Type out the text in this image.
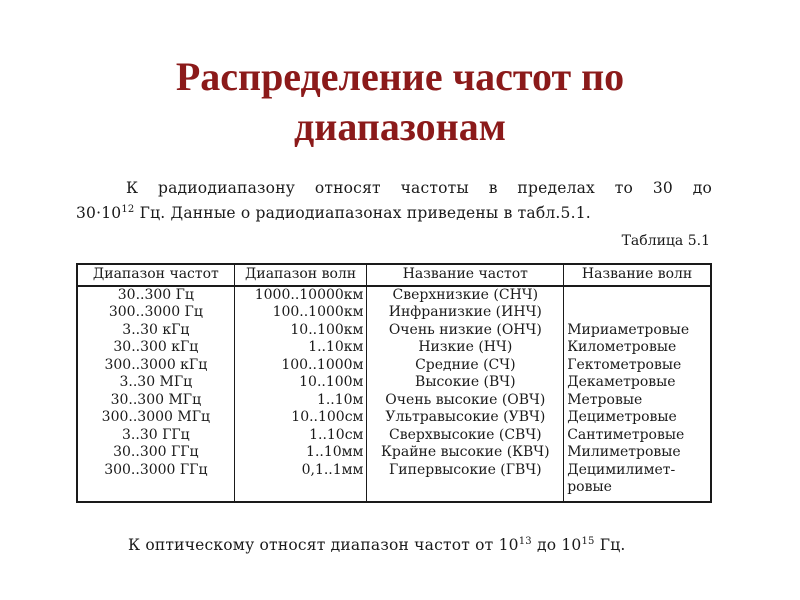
Распределение частот по
диапазонам
К радиодиапазону относят частоты в пределах то 30 до
$30\cdot 10^{12}$ Гц. Данные о радиодиапазонах приведены в табл.5.1.
Таблица 5.1
Диапазон частот	Диапазон волн	Название частот	Название волн
30..300 Гц	1000..10000км	Сверхнизкие (СНЧ)	
300..3000 Гц	100..1000км	Инфранизкие (ИНЧ)	
3..30 кГц	10..100км	Очень низкие (ОНЧ)	Мириаметровые
30..300 кГц	1..10км	Низкие (НЧ)	Километровые
300..3000 кГц	100..1000м	Средние (СЧ)	Гектометровые
3..30 МГц	10..100м	Высокие (ВЧ)	Декаметровые
30..300 МГц	1..10м	Очень высокие (ОВЧ)	Метровые
300..3000 МГц	10..100см	Ультравысокие (УВЧ)	Дециметровые
3..30 ГГц	1..10см	Сверхвысокие (СВЧ)	Сантиметровые
30..300 ГГц	1..10мм	Крайне высокие (КВЧ)	Милиметровые
300..3000 ГГц	0,1..1мм	Гипервысокие (ГВЧ)	Децимилимет-ровые
К оптическому относят диапазон частот от $10^{13}$ до $10^{15}$ Гц.
